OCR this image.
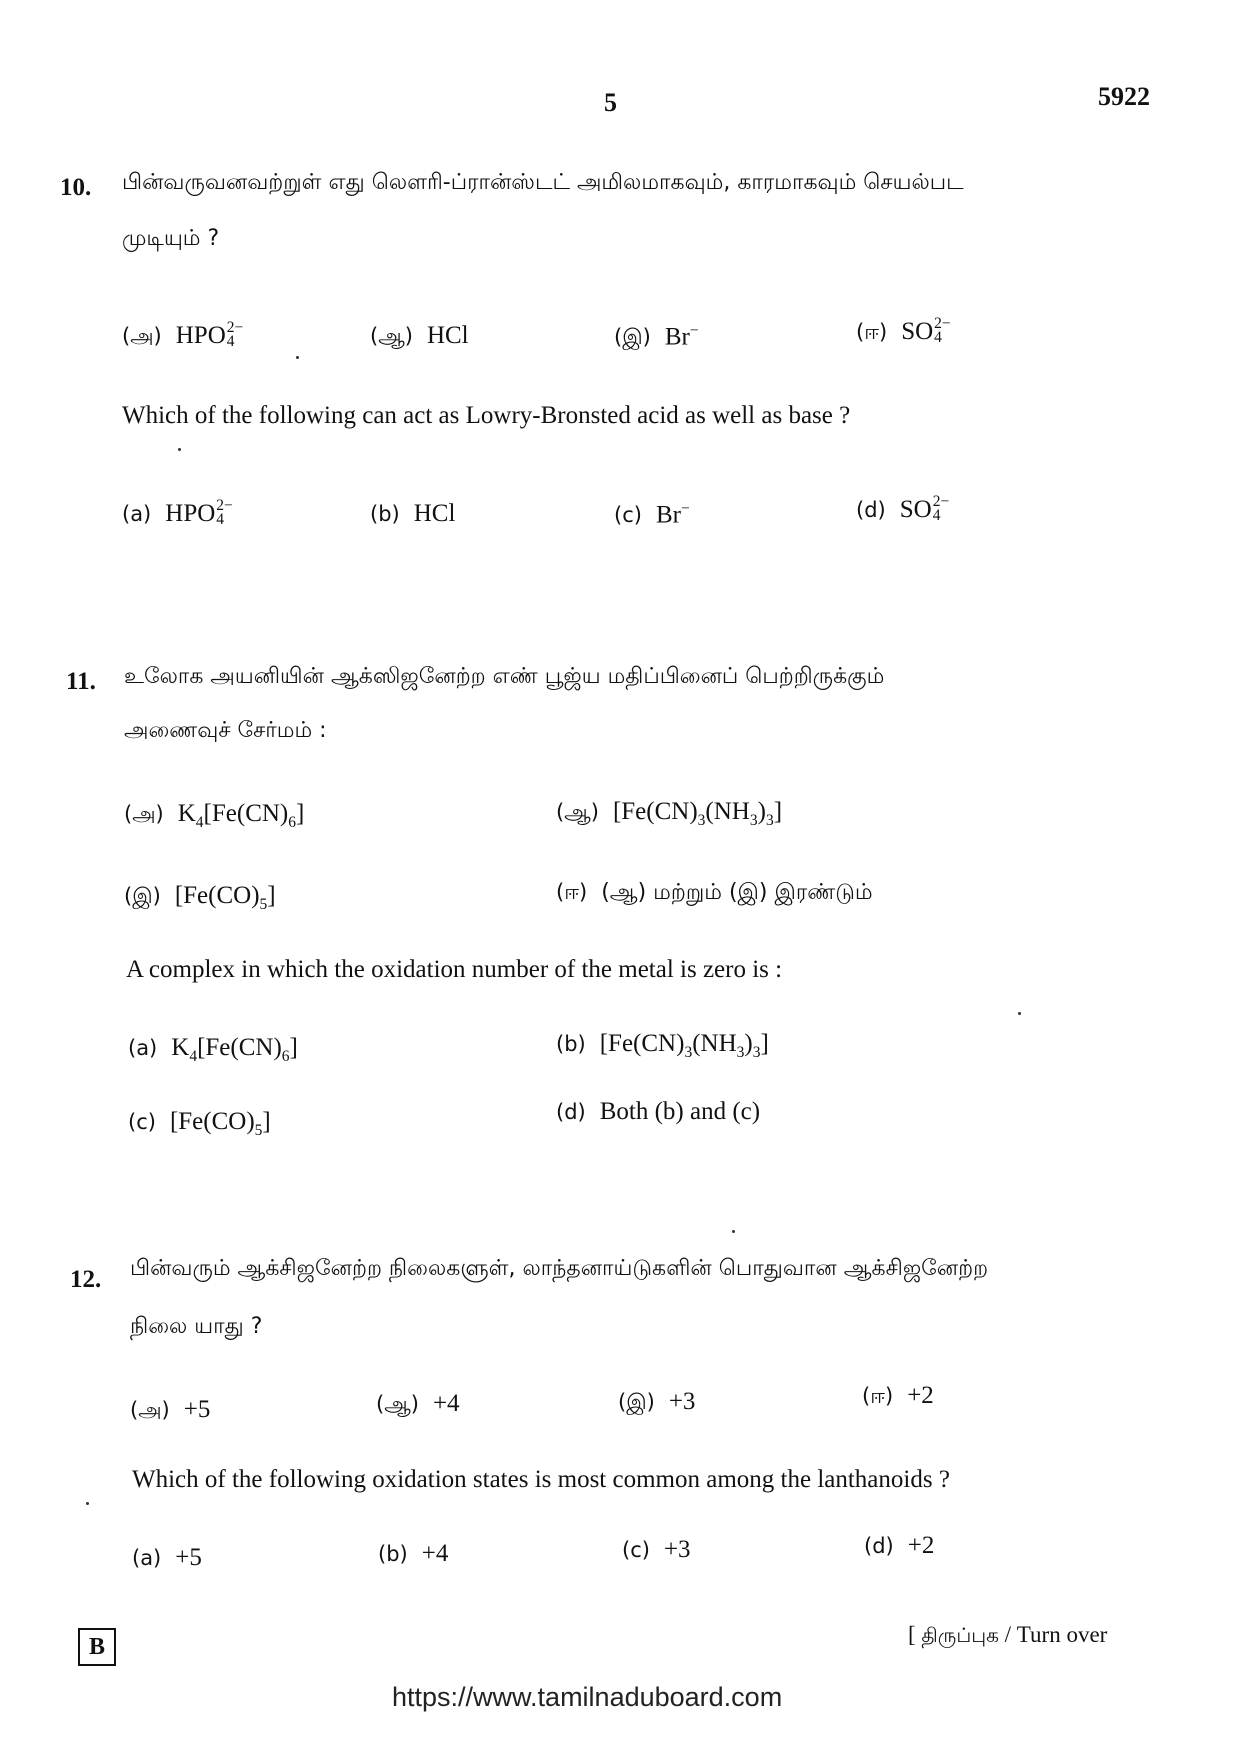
5	5922
10. பின்வருவனவற்றுள் எது லௌரி-ப்ரான்ஸ்டட் அமிலமாகவும், காரமாகவும் செயல்பட
முடியும் ?
(அ) HPO 2−
4	(ஆ) HCl	(இ) Br−	(ஈ) SO 2−
4
Which of the following can act as Lowry-Bronsted acid as well as base ?
(a) HPO 2−
4	(b) HCl	(c) Br−	(d) SO 2−
4
11. உலோக அயனியின் ஆக்ஸிஜனேற்ற எண் பூஜ்ய மதிப்பினைப் பெற்றிருக்கும்
அணைவுச் சேர்மம் :
(அ) $K_4[Fe(CN)_6]$	(ஆ) $[Fe(CN)_3(NH_3)_3]$
(இ) $[Fe(CO)_5]$	(ஈ) (ஆ) மற்றும் (இ) இரண்டும்
A complex in which the oxidation number of the metal is zero is :
(a) $K_4[Fe(CN)_6]$	(b) $[Fe(CN)_3(NH_3)_3]$
(c) $[Fe(CO)_5]$	(d) Both (b) and (c)
12. பின்வரும் ஆக்சிஜனேற்ற நிலைகளுள், லாந்தனாய்டுகளின் பொதுவான ஆக்சிஜனேற்ற
நிலை யாது ?
(அ) +5	(ஆ) +4	(இ) +3	(ஈ) +2
Which of the following oxidation states is most common among the lanthanoids ?
(a) +5	(b) +4	(c) +3	(d) +2
B	[ திருப்புக / Turn over
https://www.tamilnaduboard.com
